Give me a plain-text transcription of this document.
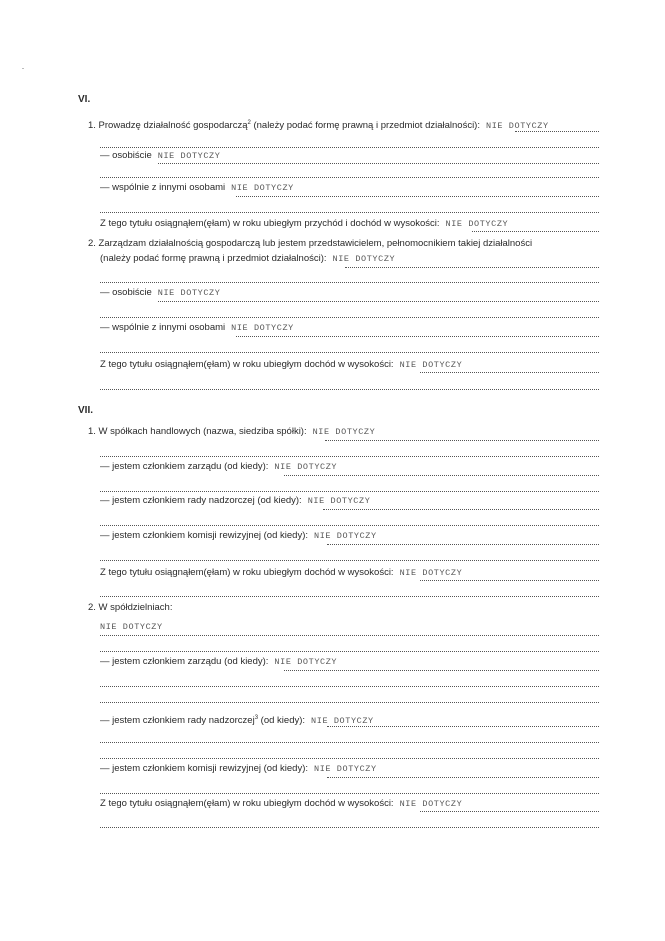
VI.
1. Prowadzę działalność gospodarczą$^2$ (należy podać formę prawną i przedmiot działalności): NIE DOTYCZY
— osobiście NIE DOTYCZY
— wspólnie z innymi osobami NIE DOTYCZY
Z tego tytułu osiągnąłem(ęłam) w roku ubiegłym przychód i dochód w wysokości: NIE DOTYCZY
2. Zarządzam działalnością gospodarczą lub jestem przedstawicielem, pełnomocnikiem takiej działalności
(należy podać formę prawną i przedmiot działalności): NIE DOTYCZY
— osobiście NIE DOTYCZY
— wspólnie z innymi osobami NIE DOTYCZY
Z tego tytułu osiągnąłem(ęłam) w roku ubiegłym dochód w wysokości: NIE DOTYCZY
VII.
1. W spółkach handlowych (nazwa, siedziba spółki): NIE DOTYCZY
— jestem członkiem zarządu (od kiedy): NIE DOTYCZY
— jestem członkiem rady nadzorczej (od kiedy): NIE DOTYCZY
— jestem członkiem komisji rewizyjnej (od kiedy): NIE DOTYCZY
Z tego tytułu osiągnąłem(ęłam) w roku ubiegłym dochód w wysokości: NIE DOTYCZY
2. W spółdzielniach:
NIE DOTYCZY
— jestem członkiem zarządu (od kiedy): NIE DOTYCZY
— jestem członkiem rady nadzorczej$^3$ (od kiedy): NIE DOTYCZY
— jestem członkiem komisji rewizyjnej (od kiedy): NIE DOTYCZY
Z tego tytułu osiągnąłem(ęłam) w roku ubiegłym dochód w wysokości: NIE DOTYCZY
